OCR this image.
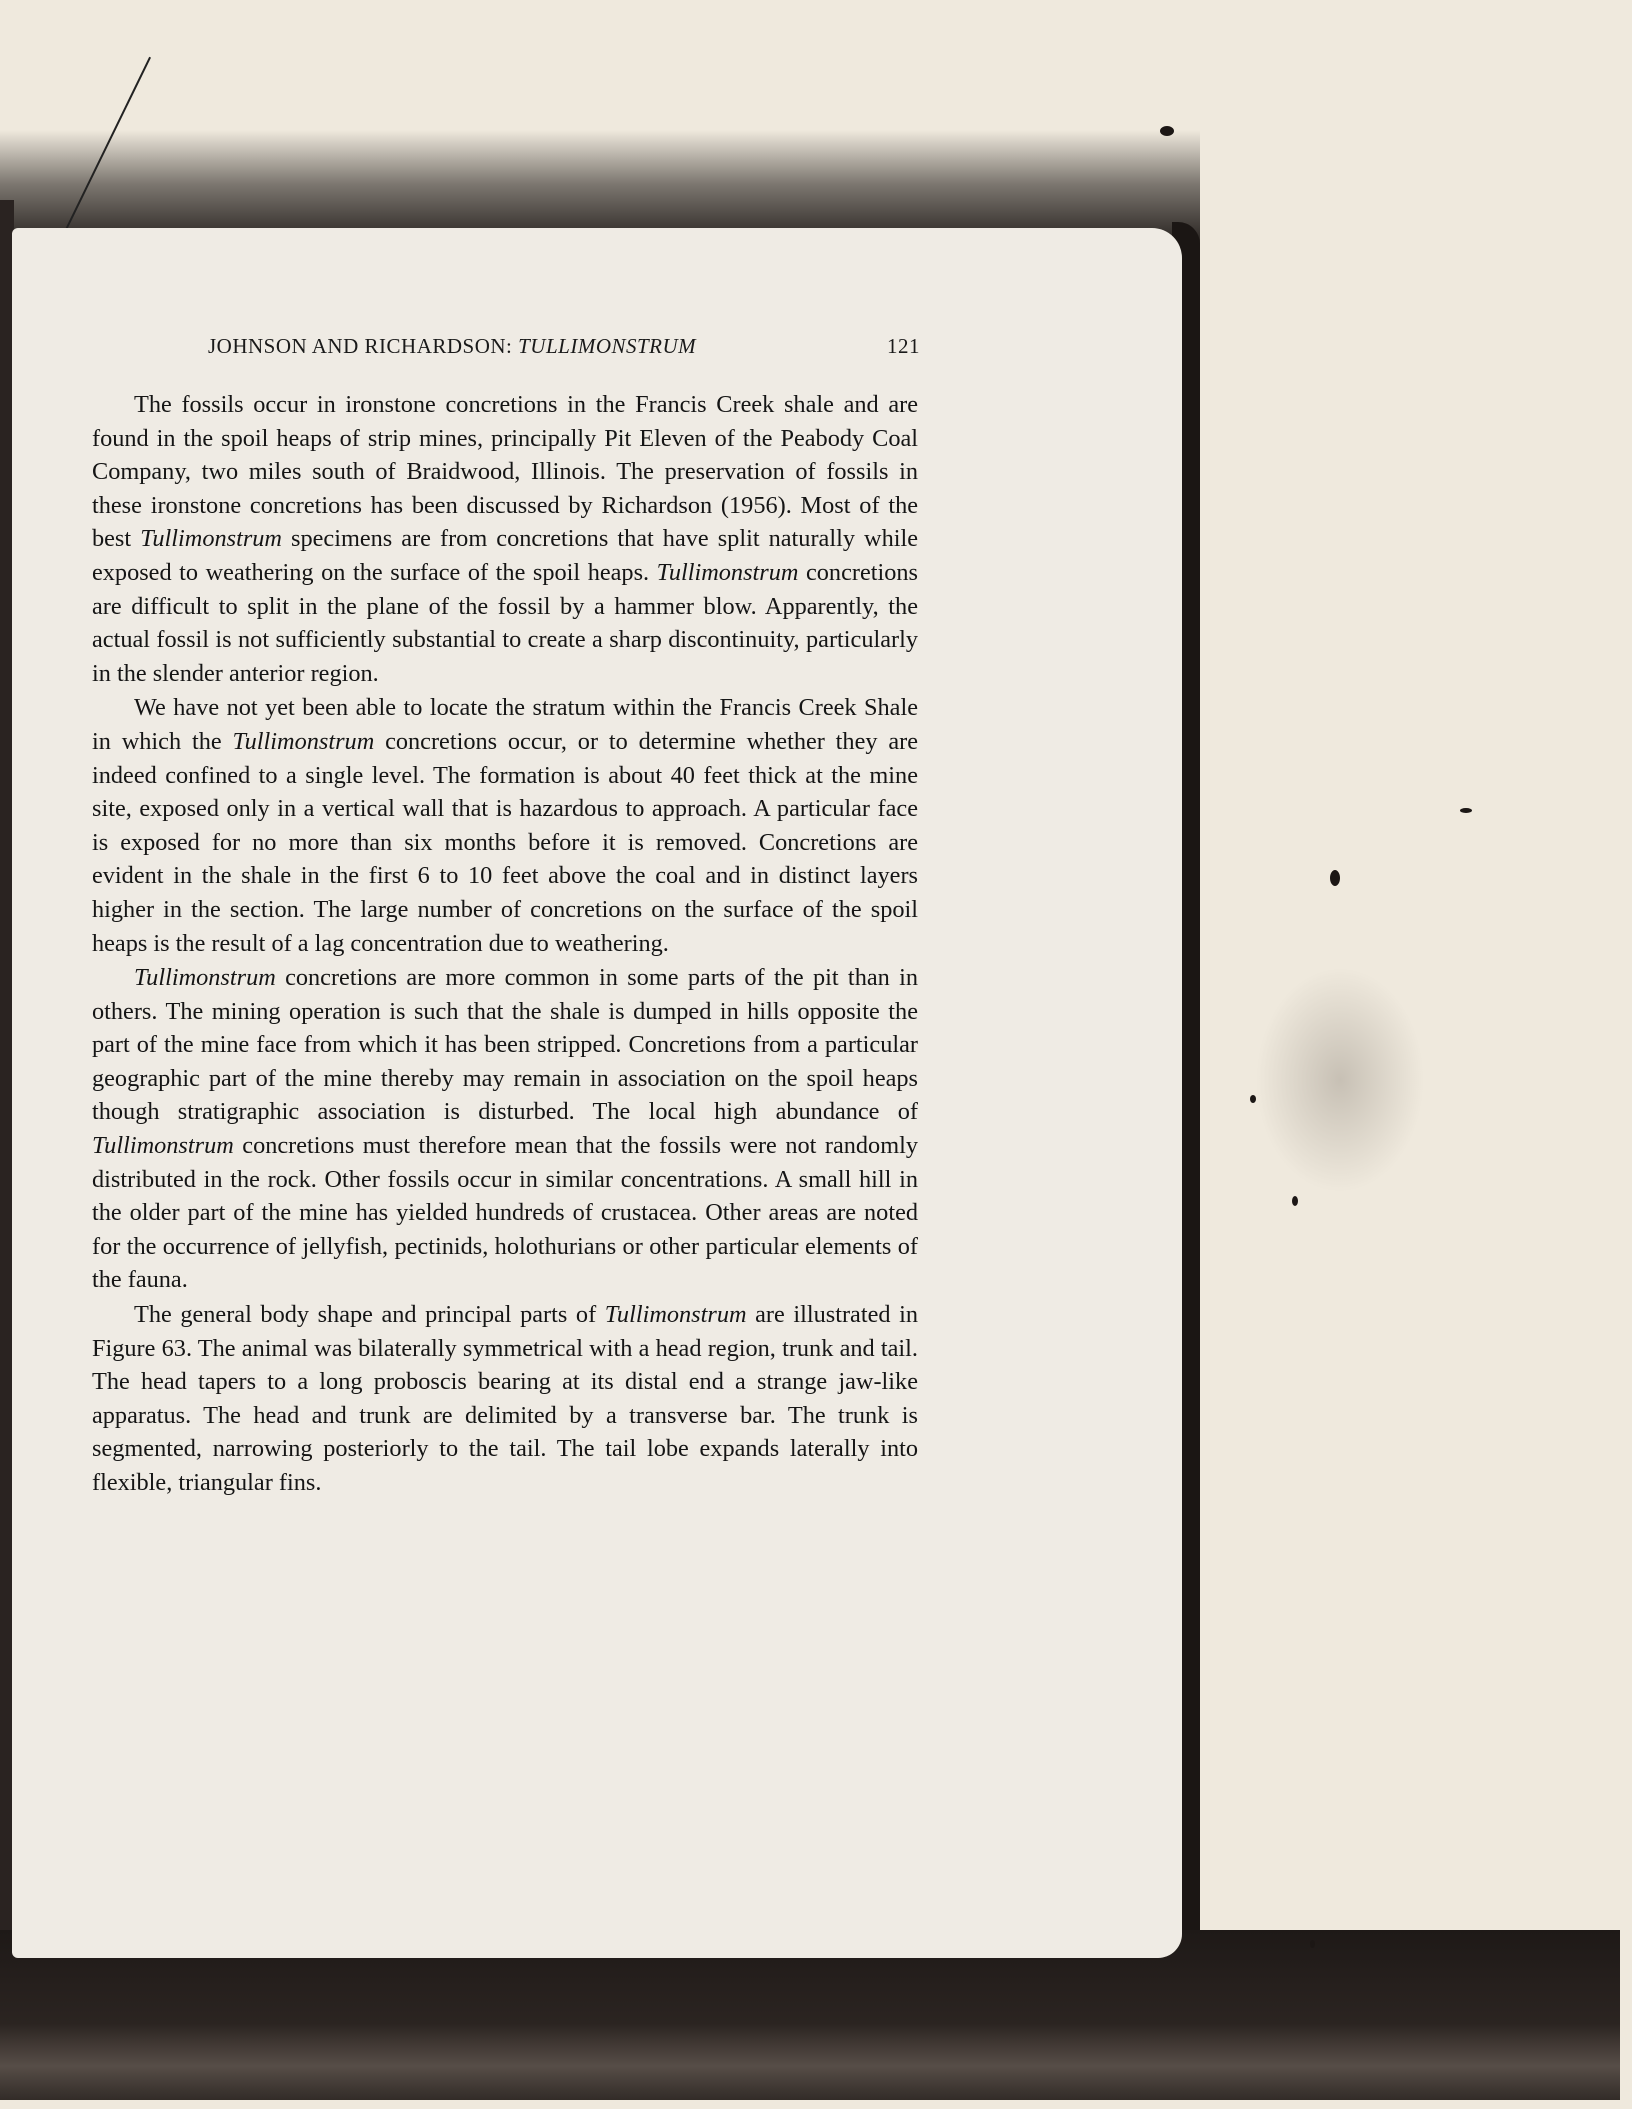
JOHNSON AND RICHARDSON: TULLIMONSTRUM	121

The fossils occur in ironstone concretions in the Francis Creek shale and are found in the spoil heaps of strip mines, principally Pit Eleven of the Peabody Coal Company, two miles south of Braidwood, Illinois. The preservation of fossils in these ironstone concretions has been discussed by Richardson (1956). Most of the best Tullimonstrum specimens are from concretions that have split naturally while exposed to weathering on the surface of the spoil heaps. Tullimonstrum concretions are difficult to split in the plane of the fossil by a hammer blow. Apparently, the actual fossil is not sufficiently substantial to create a sharp discontinuity, particularly in the slender anterior region.

We have not yet been able to locate the stratum within the Francis Creek Shale in which the Tullimonstrum concretions occur, or to determine whether they are indeed confined to a single level. The formation is about 40 feet thick at the mine site, exposed only in a vertical wall that is hazardous to approach. A particular face is exposed for no more than six months before it is removed. Concretions are evident in the shale in the first 6 to 10 feet above the coal and in distinct layers higher in the section. The large number of concretions on the surface of the spoil heaps is the result of a lag concentration due to weathering.

Tullimonstrum concretions are more common in some parts of the pit than in others. The mining operation is such that the shale is dumped in hills opposite the part of the mine face from which it has been stripped. Concretions from a particular geographic part of the mine thereby may remain in association on the spoil heaps though stratigraphic association is disturbed. The local high abundance of Tullimonstrum concretions must therefore mean that the fossils were not randomly distributed in the rock. Other fossils occur in similar concentrations. A small hill in the older part of the mine has yielded hundreds of crustacea. Other areas are noted for the occurrence of jellyfish, pectinids, holothurians or other particular elements of the fauna.

The general body shape and principal parts of Tullimonstrum are illustrated in Figure 63. The animal was bilaterally symmetrical with a head region, trunk and tail. The head tapers to a long proboscis bearing at its distal end a strange jaw-like apparatus. The head and trunk are delimited by a transverse bar. The trunk is segmented, narrowing posteriorly to the tail. The tail lobe expands laterally into flexible, triangular fins.
